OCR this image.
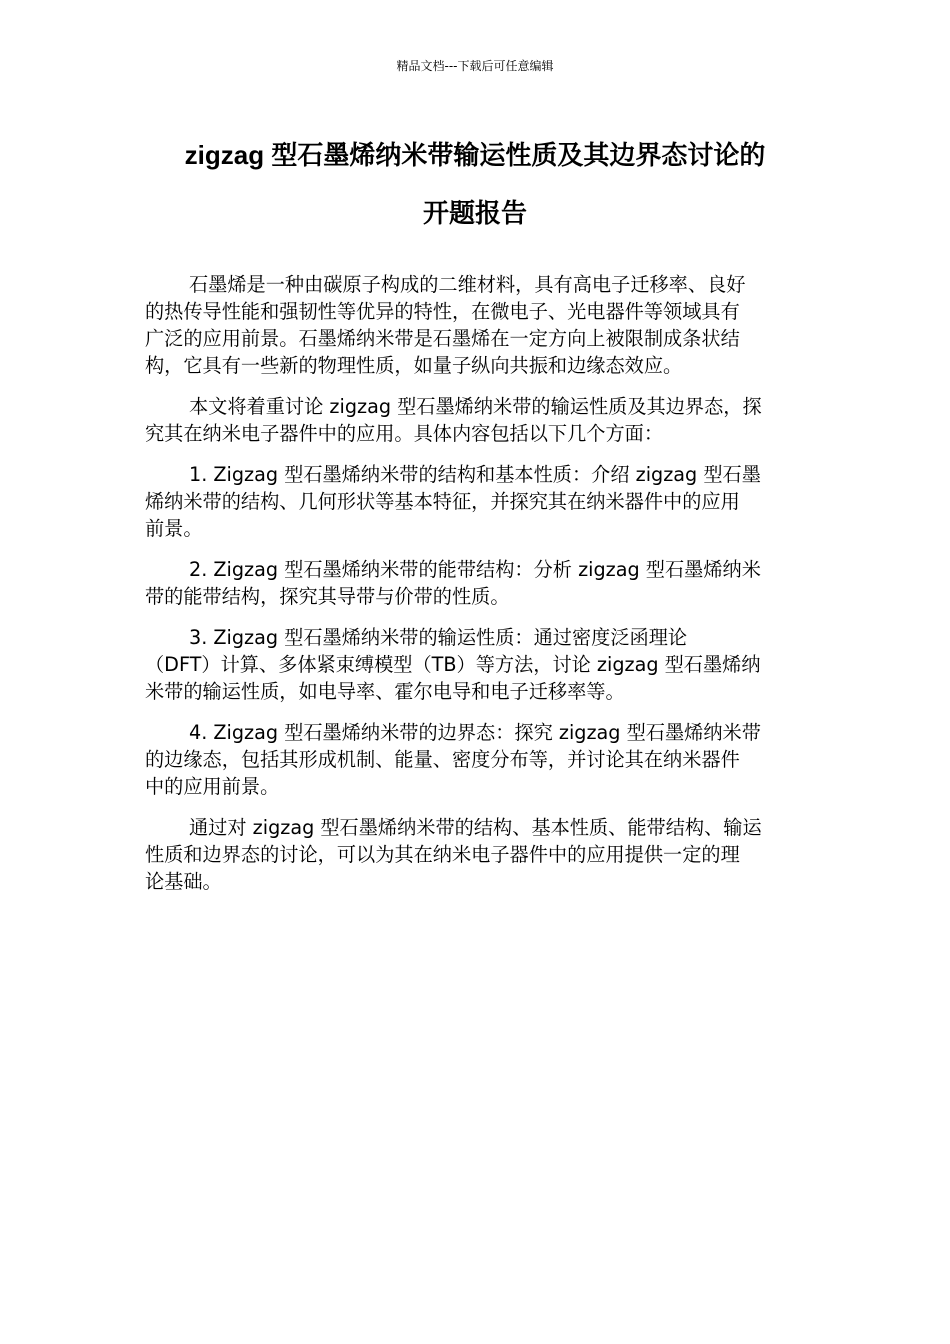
精品文档---下载后可任意编辑
zigzag 型石墨烯纳米带输运性质及其边界态讨论的
开题报告
石墨烯是一种由碳原子构成的二维材料，具有高电子迁移率、良好
的热传导性能和强韧性等优异的特性，在微电子、光电器件等领域具有
广泛的应用前景。石墨烯纳米带是石墨烯在一定方向上被限制成条状结
构，它具有一些新的物理性质，如量子纵向共振和边缘态效应。
本文将着重讨论 zigzag 型石墨烯纳米带的输运性质及其边界态，探
究其在纳米电子器件中的应用。具体内容包括以下几个方面：
1. Zigzag 型石墨烯纳米带的结构和基本性质：介绍 zigzag 型石墨
烯纳米带的结构、几何形状等基本特征，并探究其在纳米器件中的应用
前景。
2. Zigzag 型石墨烯纳米带的能带结构：分析 zigzag 型石墨烯纳米
带的能带结构，探究其导带与价带的性质。
3. Zigzag 型石墨烯纳米带的输运性质：通过密度泛函理论
（DFT）计算、多体紧束缚模型（TB）等方法，讨论 zigzag 型石墨烯纳
米带的输运性质，如电导率、霍尔电导和电子迁移率等。
4. Zigzag 型石墨烯纳米带的边界态：探究 zigzag 型石墨烯纳米带
的边缘态，包括其形成机制、能量、密度分布等，并讨论其在纳米器件
中的应用前景。
通过对 zigzag 型石墨烯纳米带的结构、基本性质、能带结构、输运
性质和边界态的讨论，可以为其在纳米电子器件中的应用提供一定的理
论基础。
